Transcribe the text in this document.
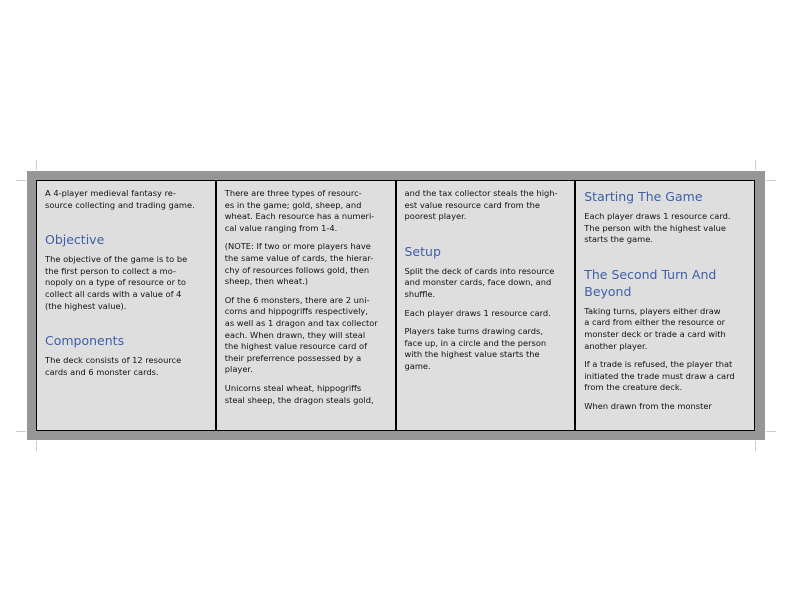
A 4-player medieval fantasy re-
source collecting and trading game.

Objective

The objective of the game is to be
the first person to collect a mo-
nopoly on a type of resource or to
collect all cards with a value of 4
(the highest value).

Components

The deck consists of 12 resource
cards and 6 monster cards.

There are three types of resourc-
es in the game; gold, sheep, and
wheat. Each resource has a numeri-
cal value ranging from 1-4.

(NOTE: If two or more players have
the same value of cards, the hierar-
chy of resources follows gold, then
sheep, then wheat.)

Of the 6 monsters, there are 2 uni-
corns and hippogriffs respectively,
as well as 1 dragon and tax collector
each. When drawn, they will steal
the highest value resource card of
their preferrence possessed by a
player.

Unicorns steal wheat, hippogriffs
steal sheep, the dragon steals gold,

and the tax collector steals the high-
est value resource card from the
poorest player.

Setup

Split the deck of cards into resource
and monster cards, face down, and
shuffle.

Each player draws 1 resource card.

Players take turns drawing cards,
face up, in a circle and the person
with the highest value starts the
game.

Starting The Game

Each player draws 1 resource card.
The person with the highest value
starts the game.

The Second Turn And
Beyond

Taking turns, players either draw
a card from either the resource or
monster deck or trade a card with
another player.

If a trade is refused, the player that
initiated the trade must draw a card
from the creature deck.

When drawn from the monster
